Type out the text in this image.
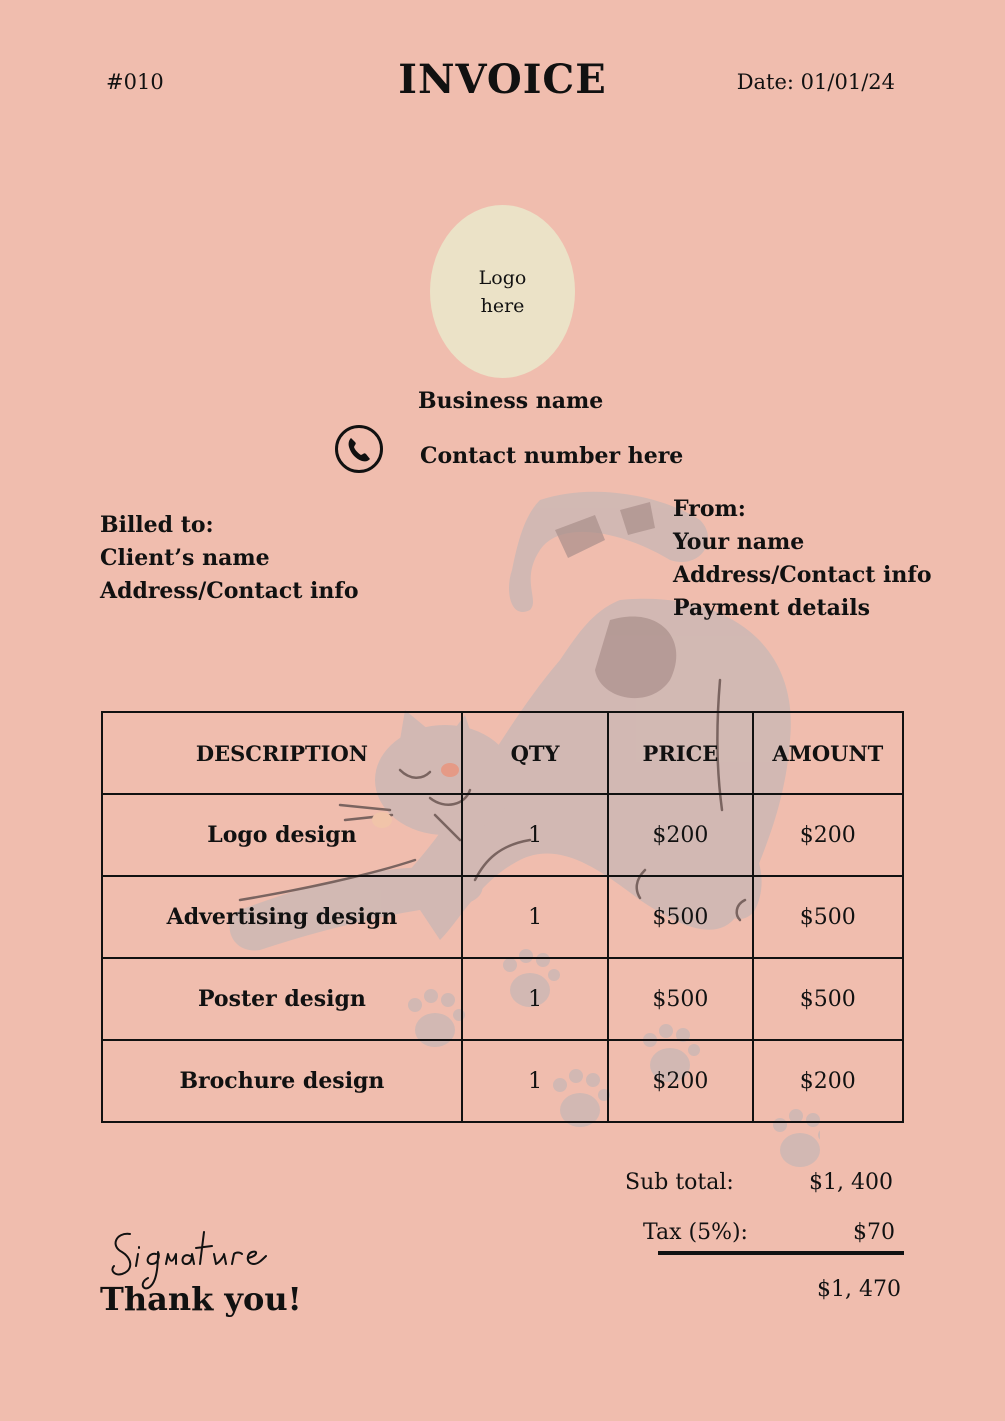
#010	INVOICE	Date: 01/01/24
Logo
here
Business name
Contact number here
Billed to:
Client’s name
Address/Contact info
From:
Your name
Address/Contact info
Payment details
DESCRIPTION	QTY	PRICE	AMOUNT
Logo design	1	$200	$200
Advertising design	1	$500	$500
Poster design	1	$500	$500
Brochure design	1	$200	$200
Sub total:	$1, 400
Tax (5%):	$70
$1, 470
Thank you!
